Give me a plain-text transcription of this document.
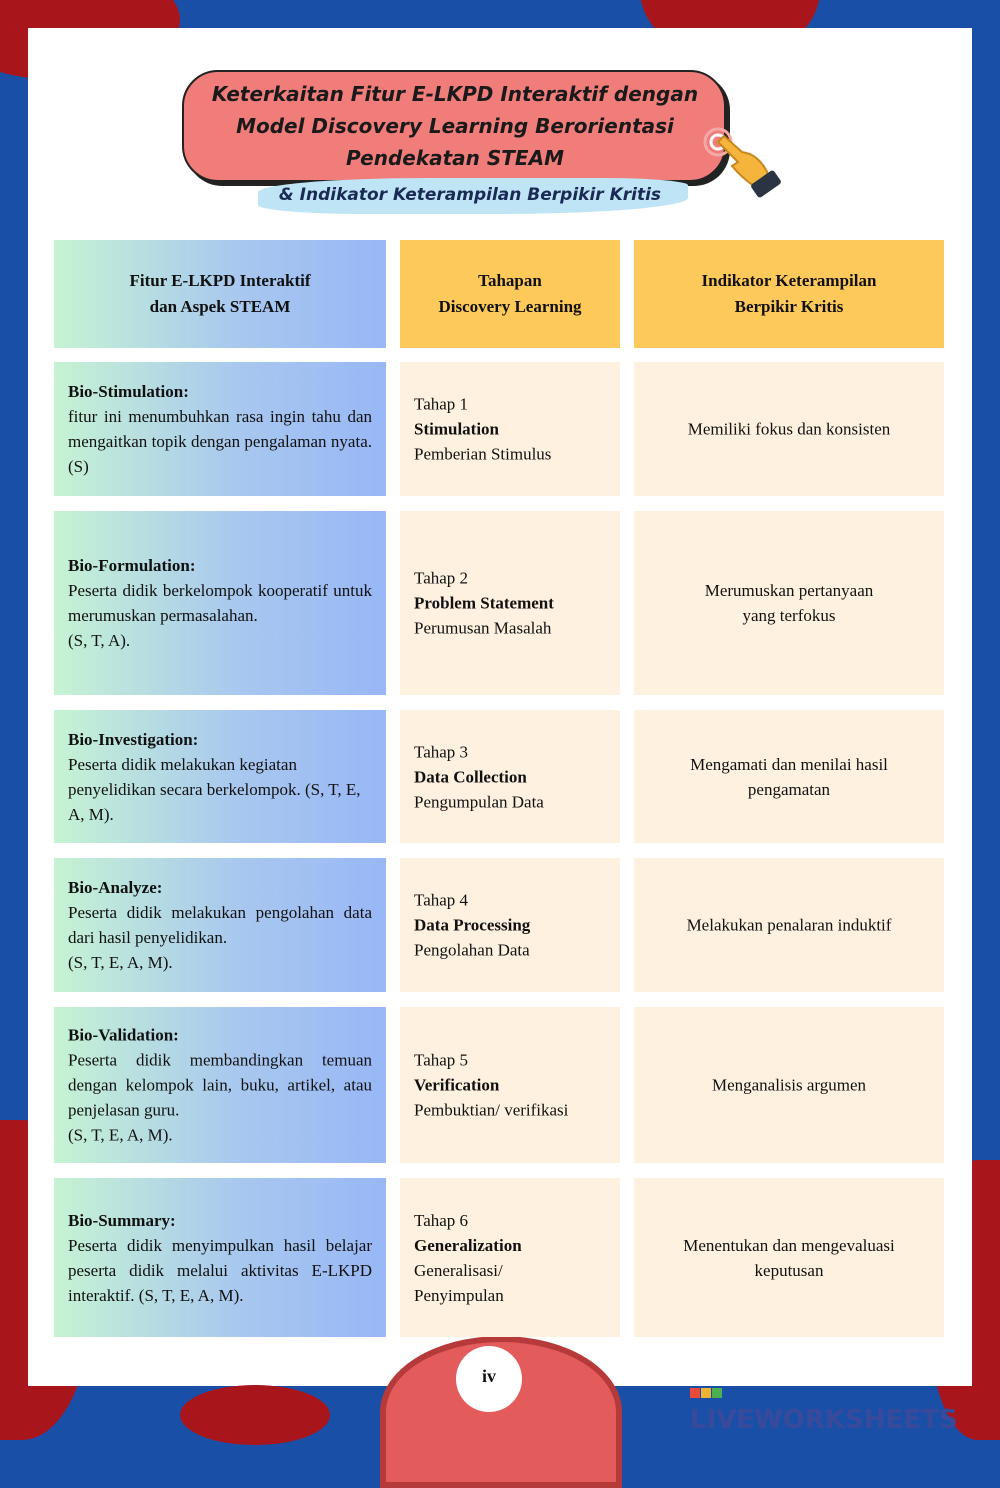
Keterkaitan Fitur E-LKPD Interaktif dengan
Model Discovery Learning Berorientasi
Pendekatan STEAM
& Indikator Keterampilan Berpikir Kritis
Fitur E-LKPD Interaktif
dan Aspek STEAM
Tahapan
Discovery Learning
Indikator Keterampilan
Berpikir Kritis
Bio-Stimulation:
fitur ini menumbuhkan rasa ingin tahu dan mengaitkan topik dengan pengalaman nyata. (S)
Tahap 1
Stimulation
Pemberian Stimulus
Memiliki fokus dan konsisten
Bio-Formulation:
Peserta didik berkelompok kooperatif untuk merumuskan permasalahan.
(S, T, A).
Tahap 2
Problem Statement
Perumusan Masalah
Merumuskan pertanyaan
yang terfokus
Bio-Investigation:
Peserta didik melakukan kegiatan penyelidikan secara berkelompok. (S, T, E, A, M).
Tahap 3
Data Collection
Pengumpulan Data
Mengamati dan menilai hasil
pengamatan
Bio-Analyze:
Peserta didik melakukan pengolahan data dari hasil penyelidikan.
(S, T, E, A, M).
Tahap 4
Data Processing
Pengolahan Data
Melakukan penalaran induktif
Bio-Validation:
Peserta didik membandingkan temuan dengan kelompok lain, buku, artikel, atau penjelasan guru.
(S, T, E, A, M).
Tahap 5
Verification
Pembuktian/ verifikasi
Menganalisis argumen
Bio-Summary:
Peserta didik menyimpulkan hasil belajar peserta didik melalui aktivitas E-LKPD interaktif. (S, T, E, A, M).
Tahap 6
Generalization
Generalisasi/
Penyimpulan
Menentukan dan mengevaluasi
keputusan
iv
LIVEWORKSHEETS
